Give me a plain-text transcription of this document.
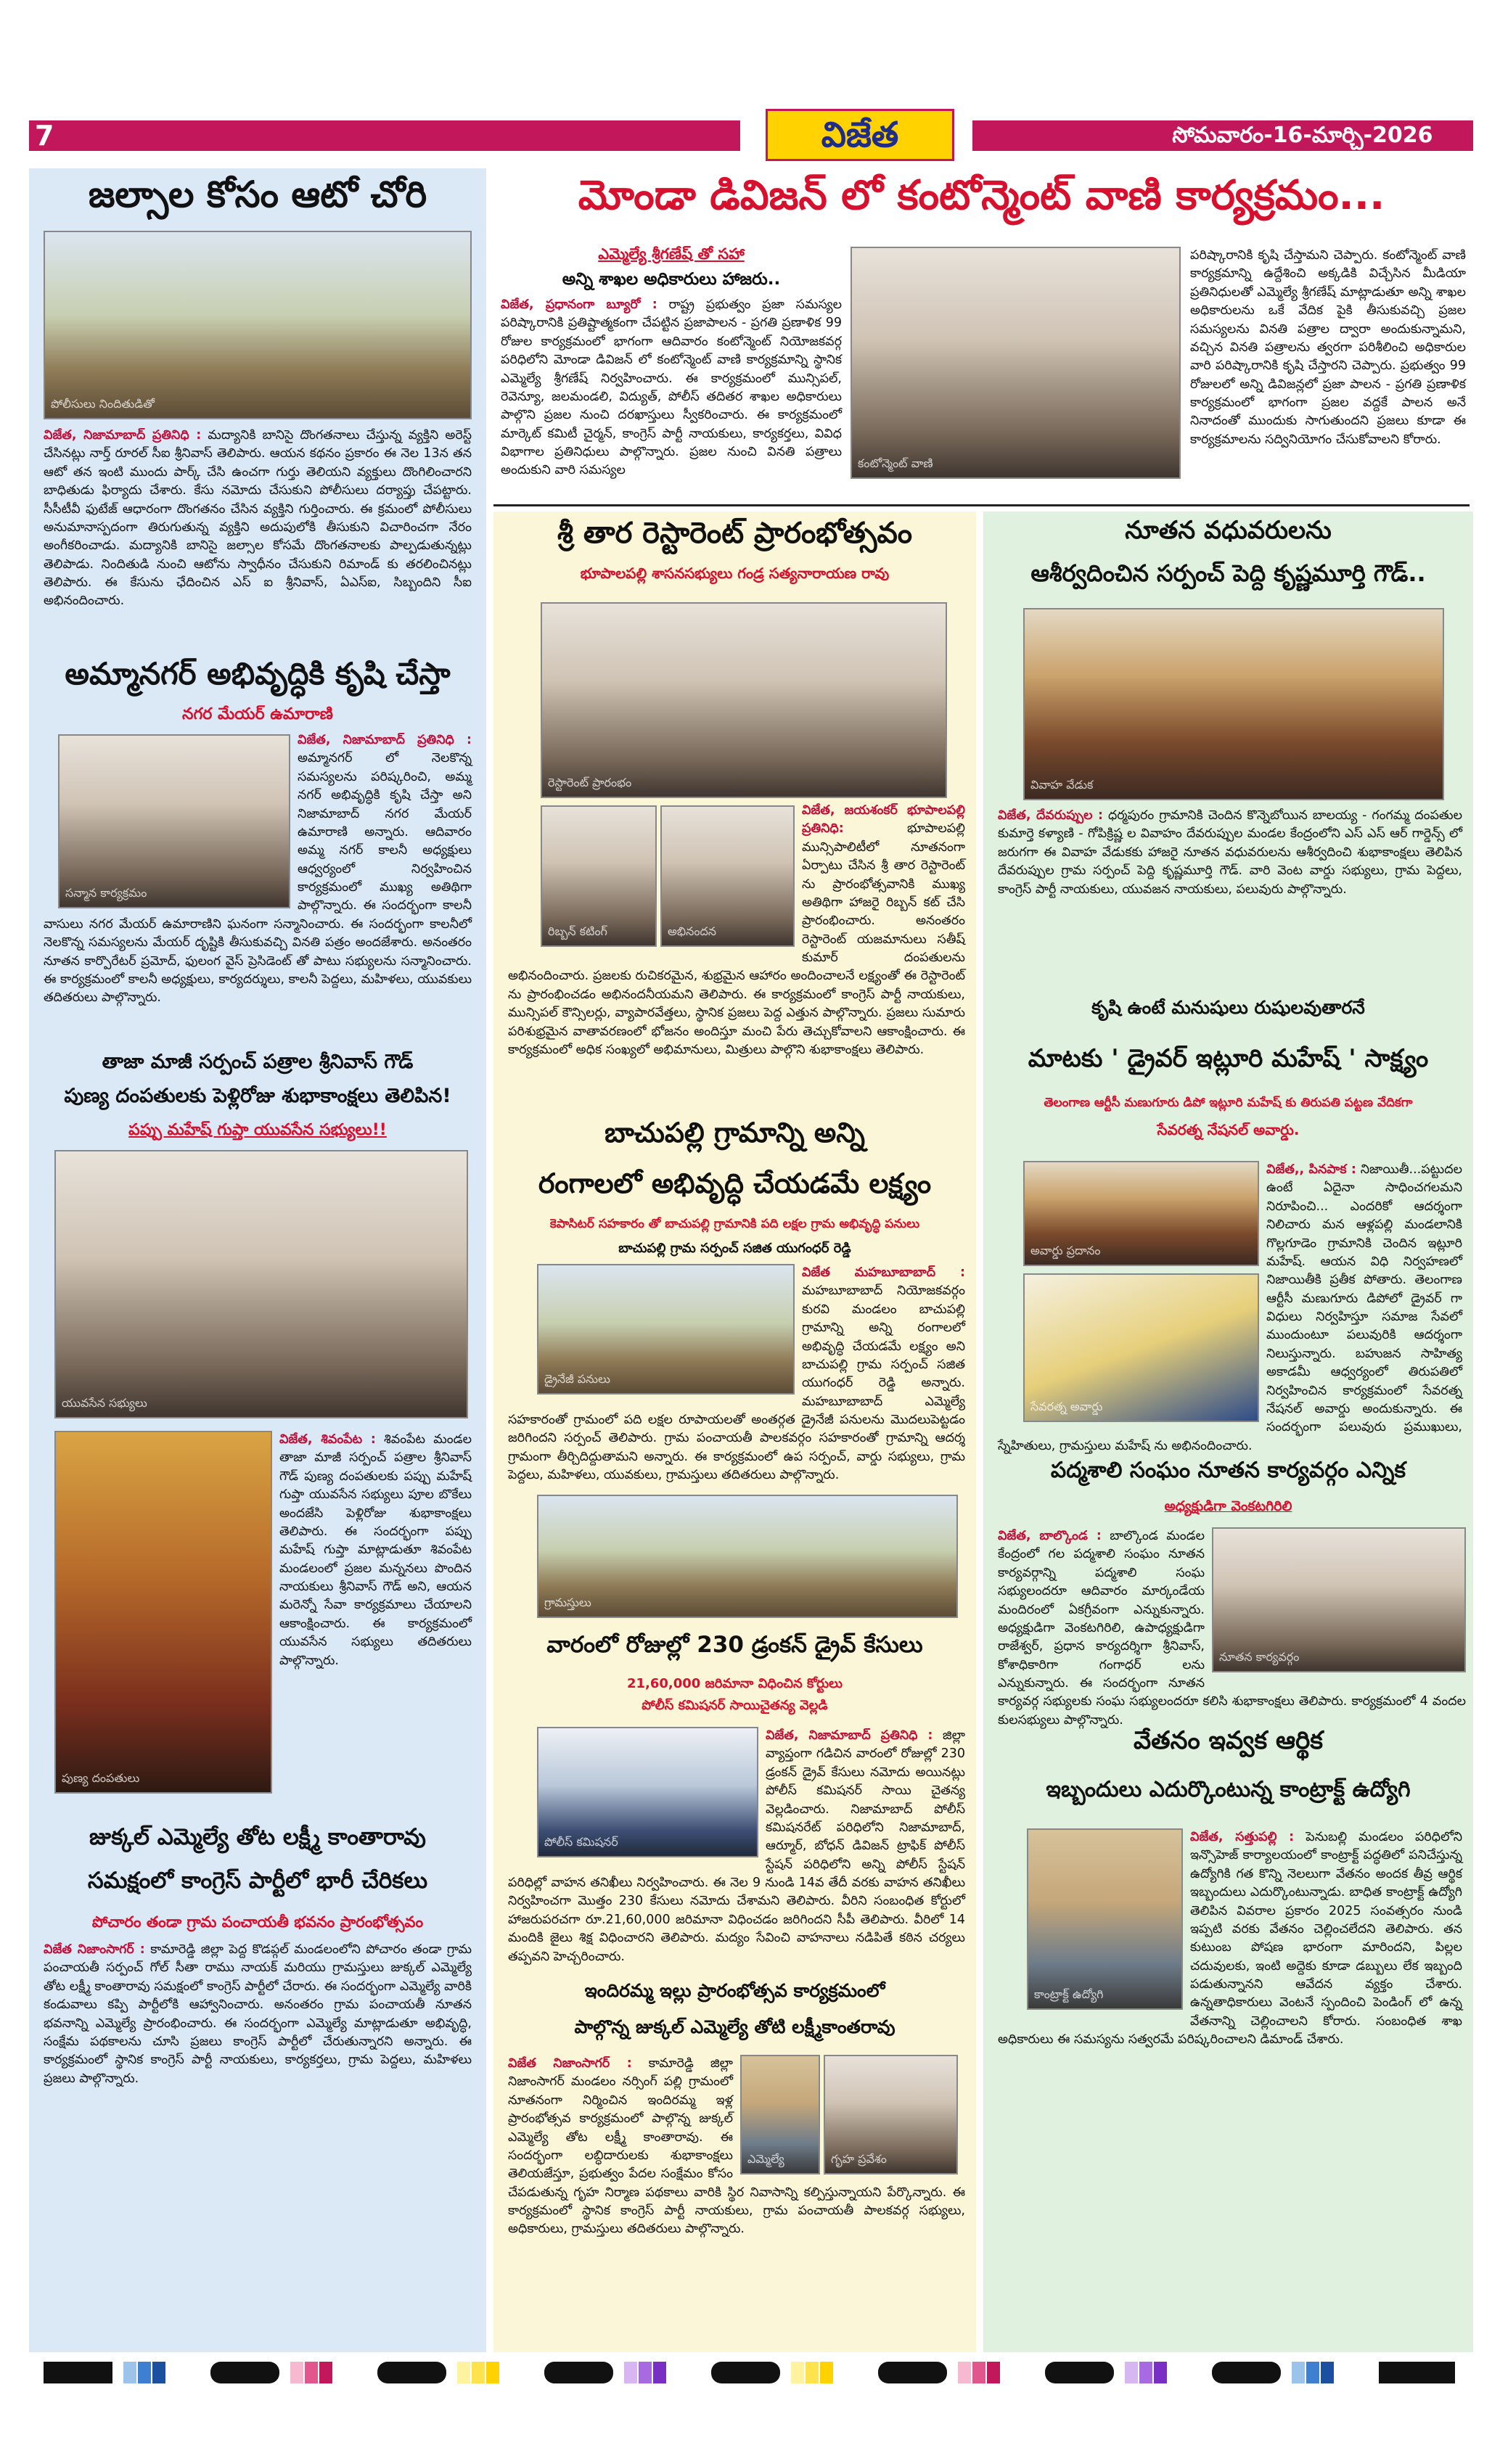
7	విజేత	సోమవారం-16-మార్చి-2026
జల్సాల కోసం ఆటో చోరి
పోలీసులు నిందితుడితో
విజేత, నిజామాబాద్ ప్రతినిధి : మద్యానికి బానిసై దొంగతనాలు చేస్తున్న వ్యక్తిని అరెస్ట్ చేసినట్లు నార్త్ రూరల్ సీఐ శ్రీనివాస్ తెలిపారు. ఆయన కథనం ప్రకారం ఈ నెల 13న తన ఆటో తన ఇంటి ముందు పార్క్ చేసి ఉంచగా గుర్తు తెలియని వ్యక్తులు దొంగిలించారని బాధితుడు ఫిర్యాదు చేశారు. కేసు నమోదు చేసుకుని పోలీసులు దర్యాప్తు చేపట్టారు. సీసీటీవీ ఫుటేజ్ ఆధారంగా దొంగతనం చేసిన వ్యక్తిని గుర్తించారు. ఈ క్రమంలో పోలీసులు అనుమానాస్పదంగా తిరుగుతున్న వ్యక్తిని అదుపులోకి తీసుకుని విచారించగా నేరం అంగీకరించాడు. మద్యానికి బానిసై జల్సాల కోసమే దొంగతనాలకు పాల్పడుతున్నట్లు తెలిపాడు. నిందితుడి నుంచి ఆటోను స్వాధీనం చేసుకుని రిమాండ్ కు తరలించినట్లు తెలిపారు. ఈ కేసును ఛేదించిన ఎస్ ఐ శ్రీనివాస్, ఏఎస్ఐ, సిబ్బందిని సీఐ అభినందించారు.
అమ్మానగర్ అభివృద్ధికి కృషి చేస్తా
నగర మేయర్ ఉమారాణి
సన్మాన కార్యక్రమం
విజేత, నిజామాబాద్ ప్రతినిధి : అమ్మానగర్ లో నెలకొన్న సమస్యలను పరిష్కరించి, అమ్మ నగర్ అభివృద్ధికి కృషి చేస్తా అని నిజామాబాద్ నగర మేయర్ ఉమారాణి అన్నారు. ఆదివారం అమ్మ నగర్ కాలనీ అధ్యక్షులు ఆధ్వర్యంలో నిర్వహించిన కార్యక్రమంలో ముఖ్య అతిథిగా పాల్గొన్నారు. ఈ సందర్భంగా కాలనీ వాసులు నగర మేయర్ ఉమారాణిని ఘనంగా సన్మానించారు. ఈ సందర్భంగా కాలనీలో నెలకొన్న సమస్యలను మేయర్ దృష్టికి తీసుకువచ్చి వినతి పత్రం అందజేశారు. అనంతరం నూతన కార్పొరేటర్ ప్రమోద్, ఫులంగ వైస్ ప్రెసిడెంట్ తో పాటు సభ్యులను సన్మానించారు. ఈ కార్యక్రమంలో కాలనీ అధ్యక్షులు, కార్యదర్శులు, కాలనీ పెద్దలు, మహిళలు, యువకులు తదితరులు పాల్గొన్నారు.
తాజా మాజీ సర్పంచ్ పత్రాల శ్రీనివాస్ గౌడ్
పుణ్య దంపతులకు పెళ్లిరోజు శుభాకాంక్షలు తెలిపిన!
పప్పు మహేష్ గుప్తా యువసేన సభ్యులు!!
యువసేన సభ్యులు
పుణ్య దంపతులు
విజేత, శివంపేట : శివంపేట మండల తాజా మాజీ సర్పంచ్ పత్రాల శ్రీనివాస్ గౌడ్ పుణ్య దంపతులకు పప్పు మహేష్ గుప్తా యువసేన సభ్యులు పూల బొకేలు అందజేసి పెళ్లిరోజు శుభాకాంక్షలు తెలిపారు. ఈ సందర్భంగా పప్పు మహేష్ గుప్తా మాట్లాడుతూ శివంపేట మండలంలో ప్రజల మన్ననలు పొందిన నాయకులు శ్రీనివాస్ గౌడ్ అని, ఆయన మరెన్నో సేవా కార్యక్రమాలు చేయాలని ఆకాంక్షించారు. ఈ కార్యక్రమంలో యువసేన సభ్యులు తదితరులు పాల్గొన్నారు.
జుక్కల్ ఎమ్మెల్యే తోట లక్ష్మీ కాంతారావు
సమక్షంలో కాంగ్రెస్ పార్టీలో భారీ చేరికలు
పోచారం తండా గ్రామ పంచాయతీ భవనం ప్రారంభోత్సవం
విజేత నిజాంసాగర్ : కామారెడ్డి జిల్లా పెద్ద కొడప్గల్ మండలంలోని పోచారం తండా గ్రామ పంచాయతీ సర్పంచ్ గోల్ సీతా రాము నాయక్ మరియు గ్రామస్తులు జుక్కల్ ఎమ్మెల్యే తోట లక్ష్మీ కాంతారావు సమక్షంలో కాంగ్రెస్ పార్టీలో చేరారు. ఈ సందర్భంగా ఎమ్మెల్యే వారికి కండువాలు కప్పి పార్టీలోకి ఆహ్వానించారు. అనంతరం గ్రామ పంచాయతీ నూతన భవనాన్ని ఎమ్మెల్యే ప్రారంభించారు. ఈ సందర్భంగా ఎమ్మెల్యే మాట్లాడుతూ అభివృద్ధి, సంక్షేమ పథకాలను చూసి ప్రజలు కాంగ్రెస్ పార్టీలో చేరుతున్నారని అన్నారు. ఈ కార్యక్రమంలో స్థానిక కాంగ్రెస్ పార్టీ నాయకులు, కార్యకర్తలు, గ్రామ పెద్దలు, మహిళలు ప్రజలు పాల్గొన్నారు.
మోండా డివిజన్ లో కంటోన్మెంట్ వాణి కార్యక్రమం...
ఎమ్మెల్యే శ్రీగణేష్ తో సహా
అన్ని శాఖల అధికారులు హాజరు..
విజేత, ప్రధానంగా బ్యూరో : రాష్ట్ర ప్రభుత్వం ప్రజా సమస్యల పరిష్కారానికి ప్రతిష్టాత్మకంగా చేపట్టిన ప్రజాపాలన - ప్రగతి ప్రణాళిక 99 రోజుల కార్యక్రమంలో భాగంగా ఆదివారం కంటోన్మెంట్ నియోజకవర్గ పరిధిలోని మోండా డివిజన్ లో కంటోన్మెంట్ వాణి కార్యక్రమాన్ని స్థానిక ఎమ్మెల్యే శ్రీగణేష్ నిర్వహించారు. ఈ కార్యక్రమంలో మున్సిపల్, రెవెన్యూ, జలమండలి, విద్యుత్, పోలీస్ తదితర శాఖల అధికారులు పాల్గొని ప్రజల నుంచి దరఖాస్తులు స్వీకరించారు. ఈ కార్యక్రమంలో మార్కెట్ కమిటీ చైర్మన్, కాంగ్రెస్ పార్టీ నాయకులు, కార్యకర్తలు, వివిధ విభాగాల ప్రతినిధులు పాల్గొన్నారు. ప్రజల నుంచి వినతి పత్రాలు అందుకుని వారి సమస్యల	కంటోన్మెంట్ వాణి
పరిష్కారానికి కృషి చేస్తామని చెప్పారు. కంటోన్మెంట్ వాణి కార్యక్రమాన్ని ఉద్దేశించి అక్కడికి విచ్చేసిన మీడియా ప్రతినిధులతో ఎమ్మెల్యే శ్రీగణేష్ మాట్లాడుతూ అన్ని శాఖల అధికారులను ఒకే వేదిక పైకి తీసుకువచ్చి ప్రజల సమస్యలను వినతి పత్రాల ద్వారా అందుకున్నామని, వచ్చిన వినతి పత్రాలను త్వరగా పరిశీలించి అధికారుల వారి పరిష్కారానికి కృషి చేస్తారని చెప్పారు. ప్రభుత్వం 99 రోజులలో అన్ని డివిజన్లలో ప్రజా పాలన - ప్రగతి ప్రణాళిక కార్యక్రమంలో భాగంగా ప్రజల వద్దకే పాలన అనే నినాదంతో ముందుకు సాగుతుందని ప్రజలు కూడా ఈ కార్యక్రమాలను సద్వినియోగం చేసుకోవాలని కోరారు.
శ్రీ తార రెస్టారెంట్ ప్రారంభోత్సవం
భూపాలపల్లి శాసనసభ్యులు గండ్ర సత్యనారాయణ రావు
రెస్టారెంట్ ప్రారంభం
రిబ్బన్ కటింగ్	అభినందన
విజేత, జయశంకర్ భూపాలపల్లి ప్రతినిధి:	భూపాలపల్లి మున్సిపాలిటీలో నూతనంగా ఏర్పాటు చేసిన శ్రీ తార రెస్టారెంట్ ను ప్రారంభోత్సవానికి ముఖ్య అతిథిగా హాజరై రిబ్బన్ కట్ చేసి ప్రారంభించారు. అనంతరం రెస్టారెంట్ యజమానులు సతీష్ కుమార్ దంపతులను అభినందించారు. ప్రజలకు రుచికరమైన, శుభ్రమైన ఆహారం అందించాలనే లక్ష్యంతో ఈ రెస్టారెంట్ ను ప్రారంభించడం అభినందనీయమని తెలిపారు. ఈ కార్యక్రమంలో కాంగ్రెస్ పార్టీ నాయకులు, మున్సిపల్ కౌన్సిలర్లు, వ్యాపారవేత్తలు, స్థానిక ప్రజలు పెద్ద ఎత్తున పాల్గొన్నారు. ప్రజలు సుమారు పరిశుభ్రమైన వాతావరణంలో భోజనం అందిస్తూ మంచి పేరు తెచ్చుకోవాలని ఆకాంక్షించారు. ఈ కార్యక్రమంలో అధిక సంఖ్యలో అభిమానులు, మిత్రులు పాల్గొని శుభాకాంక్షలు తెలిపారు.
బాచుపల్లి గ్రామాన్ని అన్ని
రంగాలలో అభివృద్ధి చేయడమే లక్ష్యం
కెపాసిటర్ సహకారం తో బాచుపల్లి గ్రామానికి పది లక్షల గ్రామ అభివృద్ధి పనులు
బాచుపల్లి గ్రామ సర్పంచ్ సజిత యుగంధర్ రెడ్డి
డ్రైనేజీ పనులు
గ్రామస్తులు
విజేత మహబూబాబాద్ : మహబూబాబాద్ నియోజకవర్గం కురవి మండలం బాచుపల్లి గ్రామాన్ని అన్ని రంగాలలో అభివృద్ధి చేయడమే లక్ష్యం అని బాచుపల్లి గ్రామ సర్పంచ్ సజిత యుగంధర్ రెడ్డి అన్నారు. మహబూబాబాద్ ఎమ్మెల్యే సహకారంతో గ్రామంలో పది లక్షల రూపాయలతో అంతర్గత డ్రైనేజీ పనులను మొదలుపెట్టడం జరిగిందని సర్పంచ్ తెలిపారు. గ్రామ పంచాయతీ పాలకవర్గం సహకారంతో గ్రామాన్ని ఆదర్శ గ్రామంగా తీర్చిదిద్దుతామని అన్నారు. ఈ కార్యక్రమంలో ఉప సర్పంచ్, వార్డు సభ్యులు, గ్రామ పెద్దలు, మహిళలు, యువకులు, గ్రామస్తులు తదితరులు పాల్గొన్నారు.
వారంలో రోజుల్లో 230 డ్రంకన్ డ్రైవ్ కేసులు
21,60,000 జరిమానా విధించిన కోర్టులు
పోలీస్ కమిషనర్ సాయిచైతన్య వెల్లడి
పోలీస్ కమిషనర్
విజేత, నిజామాబాద్ ప్రతినిధి : జిల్లా వ్యాప్తంగా గడిచిన వారంలో రోజుల్లో 230 డ్రంకన్ డ్రైవ్ కేసులు నమోదు అయినట్లు పోలీస్ కమిషనర్ సాయి చైతన్య వెల్లడించారు. నిజామాబాద్ పోలీస్ కమిషనరేట్ పరిధిలోని నిజామాబాద్, ఆర్మూర్, బోధన్ డివిజన్ ట్రాఫిక్ పోలీస్ స్టేషన్ పరిధిలోని అన్ని పోలీస్ స్టేషన్ పరిధిల్లో వాహన తనిఖీలు నిర్వహించారు. ఈ నెల 9 నుండి 14వ తేదీ వరకు వాహన తనిఖీలు నిర్వహించగా మొత్తం 230 కేసులు నమోదు చేశామని తెలిపారు. వీరిని సంబంధిత కోర్టులో హాజరుపరచగా రూ.21,60,000 జరిమానా విధించడం జరిగిందని సీపీ తెలిపారు. వీరిలో 14 మందికి జైలు శిక్ష విధించారని తెలిపారు. మద్యం సేవించి వాహనాలు నడిపితే కఠిన చర్యలు తప్పవని హెచ్చరించారు.
ఇందిరమ్మ ఇల్లు ప్రారంభోత్సవ కార్యక్రమంలో
పాల్గొన్న జుక్కల్ ఎమ్మెల్యే తోటి లక్ష్మీకాంతరావు
ఎమ్మెల్యే	గృహ ప్రవేశం
విజేత నిజాంసాగర్ : కామారెడ్డి జిల్లా నిజాంసాగర్ మండలం నర్సింగ్ పల్లి గ్రామంలో నూతనంగా నిర్మించిన ఇందిరమ్మ ఇళ్ల ప్రారంభోత్సవ కార్యక్రమంలో పాల్గొన్న జుక్కల్ ఎమ్మెల్యే తోట లక్ష్మీ కాంతారావు. ఈ సందర్భంగా లబ్ధిదారులకు శుభాకాంక్షలు తెలియజేస్తూ, ప్రభుత్వం పేదల సంక్షేమం కోసం చేపడుతున్న గృహ నిర్మాణ పథకాలు వారికి స్థిర నివాసాన్ని కల్పిస్తున్నాయని పేర్కొన్నారు. ఈ కార్యక్రమంలో స్థానిక కాంగ్రెస్ పార్టీ నాయకులు, గ్రామ పంచాయతీ పాలకవర్గ సభ్యులు, అధికారులు, గ్రామస్తులు తదితరులు పాల్గొన్నారు.
నూతన వధువరులను
ఆశీర్వదించిన సర్పంచ్ పెద్ది కృష్ణమూర్తి గౌడ్..
వివాహ వేడుక
విజేత, దేవరుప్పుల : ధర్మపురం గ్రామానికి చెందిన కొన్నెబోయిన బాలయ్య - గంగమ్మ దంపతుల కుమార్తె కళ్యాణి - గోపిక్రిష్ణ ల వివాహం దేవరుప్పుల మండల కేంద్రంలోని ఎస్ ఎస్ ఆర్ గార్డెన్స్ లో జరుగగా ఈ వివాహ వేడుకకు హాజరై నూతన వధువరులను ఆశీర్వదించి శుభాకాంక్షలు తెలిపిన దేవరుప్పుల గ్రామ సర్పంచ్ పెద్ది కృష్ణమూర్తి గౌడ్. వారి వెంట వార్డు సభ్యులు, గ్రామ పెద్దలు, కాంగ్రెస్ పార్టీ నాయకులు, యువజన నాయకులు, పలువురు పాల్గొన్నారు.
కృషి ఉంటే మనుషులు రుషులవుతారనే
మాటకు ' డ్రైవర్ ఇట్లూరి మహేష్ ' సాక్ష్యం
తెలంగాణ ఆర్టీసీ మణుగూరు డిపో ఇట్లూరి మహేష్ కు తిరుపతి పట్టణ వేదికగా
సేవరత్న నేషనల్ అవార్డు.
అవార్డు ప్రదానం
సేవరత్న అవార్డు
విజేత,, పినపాక : నిజాయితీ...పట్టుదల ఉంటే ఏదైనా సాధించగలమని నిరూపించి... ఎందరికో ఆదర్శంగా నిలిచారు మన ఆళ్లపల్లి మండలానికి గొల్లగూడెం గ్రామానికి చెందిన ఇట్లూరి మహేష్. ఆయన విధి నిర్వహణలో నిజాయితీకి ప్రతీక పోతారు. తెలంగాణ ఆర్టీసీ మణుగూరు డిపోలో డ్రైవర్ గా విధులు నిర్వహిస్తూ సమాజ సేవలో ముందుంటూ పలువురికి ఆదర్శంగా నిలుస్తున్నారు. బహుజన సాహిత్య అకాడమీ ఆధ్వర్యంలో తిరుపతిలో నిర్వహించిన కార్యక్రమంలో సేవరత్న నేషనల్ అవార్డు అందుకున్నారు. ఈ సందర్భంగా పలువురు ప్రముఖులు, స్నేహితులు, గ్రామస్తులు మహేష్ ను అభినందించారు.
పద్మశాలి సంఘం నూతన కార్యవర్గం ఎన్నిక
అధ్యక్షుడిగా వెంకటగిరిలి
నూతన కార్యవర్గం
విజేత, బాల్కొండ : బాల్కొండ మండల కేంద్రంలో గల పద్మశాలి సంఘం నూతన కార్యవర్గాన్ని పద్మశాలి సంఘ సభ్యులందరూ ఆదివారం మార్కండేయ మందిరంలో ఏకగ్రీవంగా ఎన్నుకున్నారు. అధ్యక్షుడిగా వెంకటగిరిలి, ఉపాధ్యక్షుడిగా రాజేశ్వర్, ప్రధాన కార్యదర్శిగా శ్రీనివాస్, కోశాధికారిగా గంగాధర్ లను ఎన్నుకున్నారు. ఈ సందర్భంగా నూతన కార్యవర్గ సభ్యులకు సంఘ సభ్యులందరూ కలిసి శుభాకాంక్షలు తెలిపారు. కార్యక్రమంలో 4 వందల కులసభ్యులు పాల్గొన్నారు.
వేతనం ఇవ్వక ఆర్థిక
ఇబ్బందులు ఎదుర్కొంటున్న కాంట్రాక్ట్ ఉద్యోగి
కాంట్రాక్ట్ ఉద్యోగి
విజేత, సత్తుపల్లి : పెనుబల్లి మండలం పరిధిలోని ఇన్సొహెజ్ కార్యాలయంలో కాంట్రాక్ట్ పద్ధతిలో పనిచేస్తున్న ఉద్యోగికి గత కొన్ని నెలలుగా వేతనం అందక తీవ్ర ఆర్థిక ఇబ్బందులు ఎదుర్కొంటున్నాడు. బాధిత కాంట్రాక్ట్ ఉద్యోగి తెలిపిన వివరాల ప్రకారం 2025 సంవత్సరం నుండి ఇప్పటి వరకు వేతనం చెల్లించలేదని తెలిపారు. తన కుటుంబ పోషణ భారంగా మారిందని, పిల్లల చదువులకు, ఇంటి అద్దెకు కూడా డబ్బులు లేక ఇబ్బంది పడుతున్నానని ఆవేదన వ్యక్తం చేశారు. ఉన్నతాధికారులు వెంటనే స్పందించి పెండింగ్ లో ఉన్న వేతనాన్ని చెల్లించాలని కోరారు. సంబంధిత శాఖ అధికారులు ఈ సమస్యను సత్వరమే పరిష్కరించాలని డిమాండ్ చేశారు.
